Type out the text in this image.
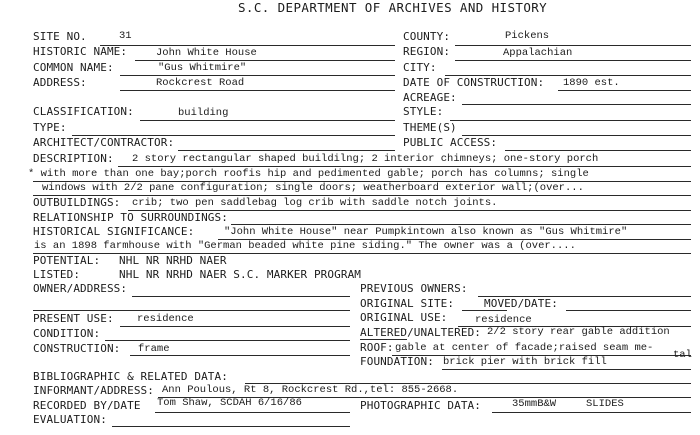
S.C. DEPARTMENT OF ARCHIVES AND HISTORY
SITE NO.	31	COUNTY:	Pickens
HISTORIC NAME:	John White House	REGION:	Appalachian
COMMON NAME:	"Gus Whitmire"	CITY:
ADDRESS:	Rockcrest Road	DATE OF CONSTRUCTION: 1890 est.
ACREAGE:
CLASSIFICATION:	building	STYLE:
TYPE:	THEME(S)
ARCHITECT/CONTRACTOR:	PUBLIC ACCESS:
DESCRIPTION: 2 story rectangular shaped buildilng; 2 interior chimneys; one-story porch
* with more than one bay;porch roofis hip and pedimented gable; porch has columns; single
windows with 2/2 pane configuration; single doors; weatherboard exterior wall;(over...
OUTBUILDINGS: crib; two pen saddlebag log crib with saddle notch joints.
RELATIONSHIP TO SURROUNDINGS:
HISTORICAL SIGNIFICANCE:	"John White House" near Pumpkintown also known as "Gus Whitmire"
is an 1898 farmhouse with "German beaded white pine siding." The owner was a (over....
POTENTIAL: NHL NR NRHD NAER
LISTED:	NHL NR NRHD NAER S.C. MARKER PROGRAM
OWNER/ADDRESS:	PREVIOUS OWNERS:
ORIGINAL SITE:	MOVED/DATE:
PRESENT USE: residence	ORIGINAL USE:	residence
CONDITION:	ALTERED/UNALTERED: 2/2 story rear gable addition
CONSTRUCTION: frame	ROOF: gable at center of facade;raised seam me-
tal
FOUNDATION: brick pier with brick fill
BIBLIOGRAPHIC & RELATED DATA:
INFORMANT/ADDRESS: Ann Poulous, Rt 8, Rockcrest Rd.,tel: 855-2668.
RECORDED BY/DATE Tom Shaw, SCDAH 6/16/86	PHOTOGRAPHIC DATA:	35mmB&W	SLIDES
EVALUATION:
